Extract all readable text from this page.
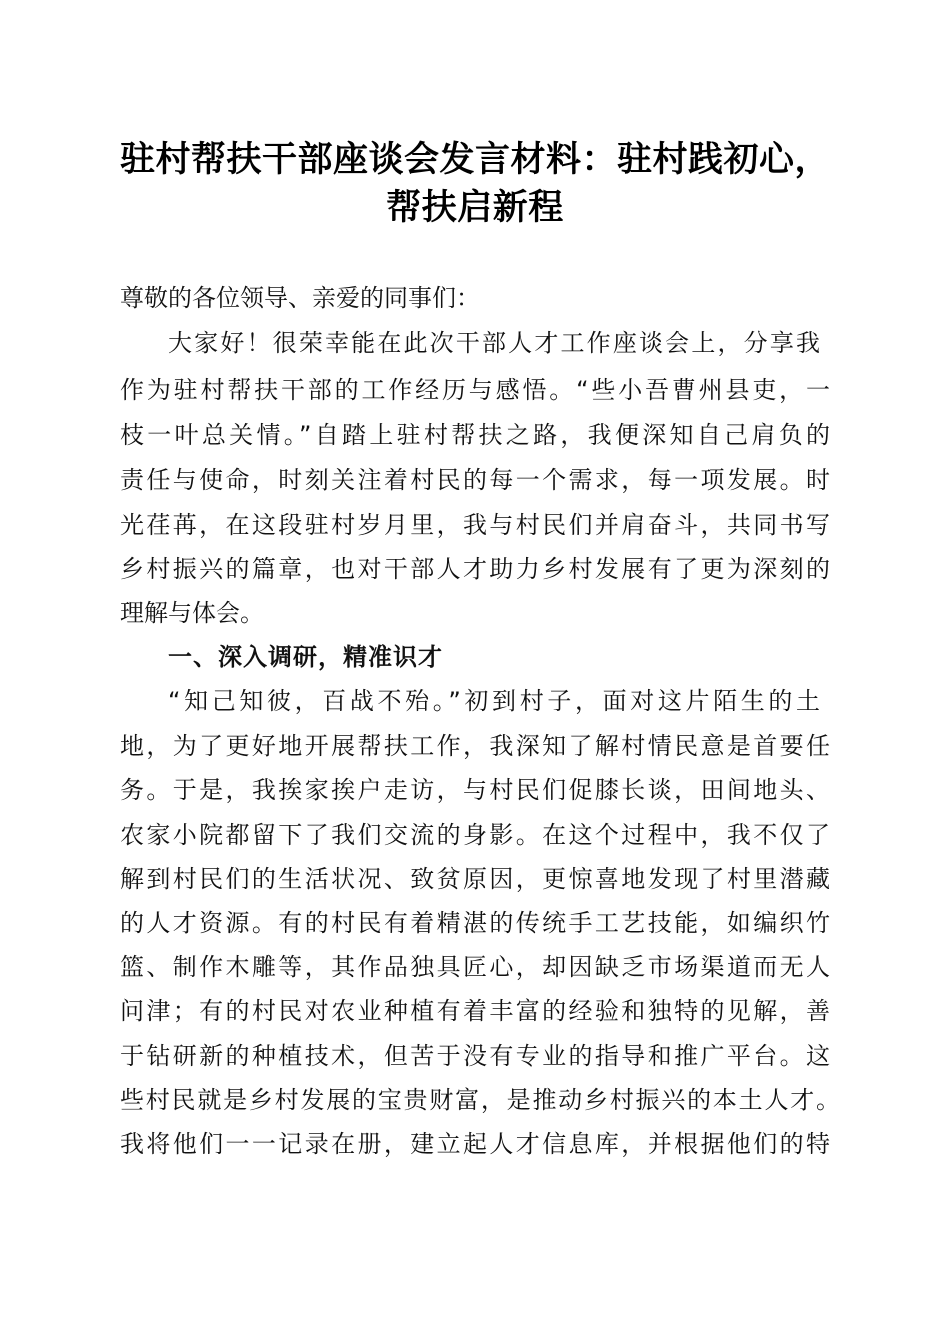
驻村帮扶干部座谈会发言材料：驻村践初心，
帮扶启新程
尊敬的各位领导、亲爱的同事们：
大家好！很荣幸能在此次干部人才工作座谈会上，分享我
作为驻村帮扶干部的工作经历与感悟。“些小吾曹州县吏，一
枝一叶总关情。”自踏上驻村帮扶之路，我便深知自己肩负的
责任与使命，时刻关注着村民的每一个需求，每一项发展。时
光荏苒，在这段驻村岁月里，我与村民们并肩奋斗，共同书写
乡村振兴的篇章，也对干部人才助力乡村发展有了更为深刻的
理解与体会。
一、深入调研，精准识才
“知己知彼，百战不殆。”初到村子，面对这片陌生的土
地，为了更好地开展帮扶工作，我深知了解村情民意是首要任
务。于是，我挨家挨户走访，与村民们促膝长谈，田间地头、
农家小院都留下了我们交流的身影。在这个过程中，我不仅了
解到村民们的生活状况、致贫原因，更惊喜地发现了村里潜藏
的人才资源。有的村民有着精湛的传统手工艺技能，如编织竹
篮、制作木雕等，其作品独具匠心，却因缺乏市场渠道而无人
问津；有的村民对农业种植有着丰富的经验和独特的见解，善
于钻研新的种植技术，但苦于没有专业的指导和推广平台。这
些村民就是乡村发展的宝贵财富，是推动乡村振兴的本土人才。
我将他们一一记录在册，建立起人才信息库，并根据他们的特
